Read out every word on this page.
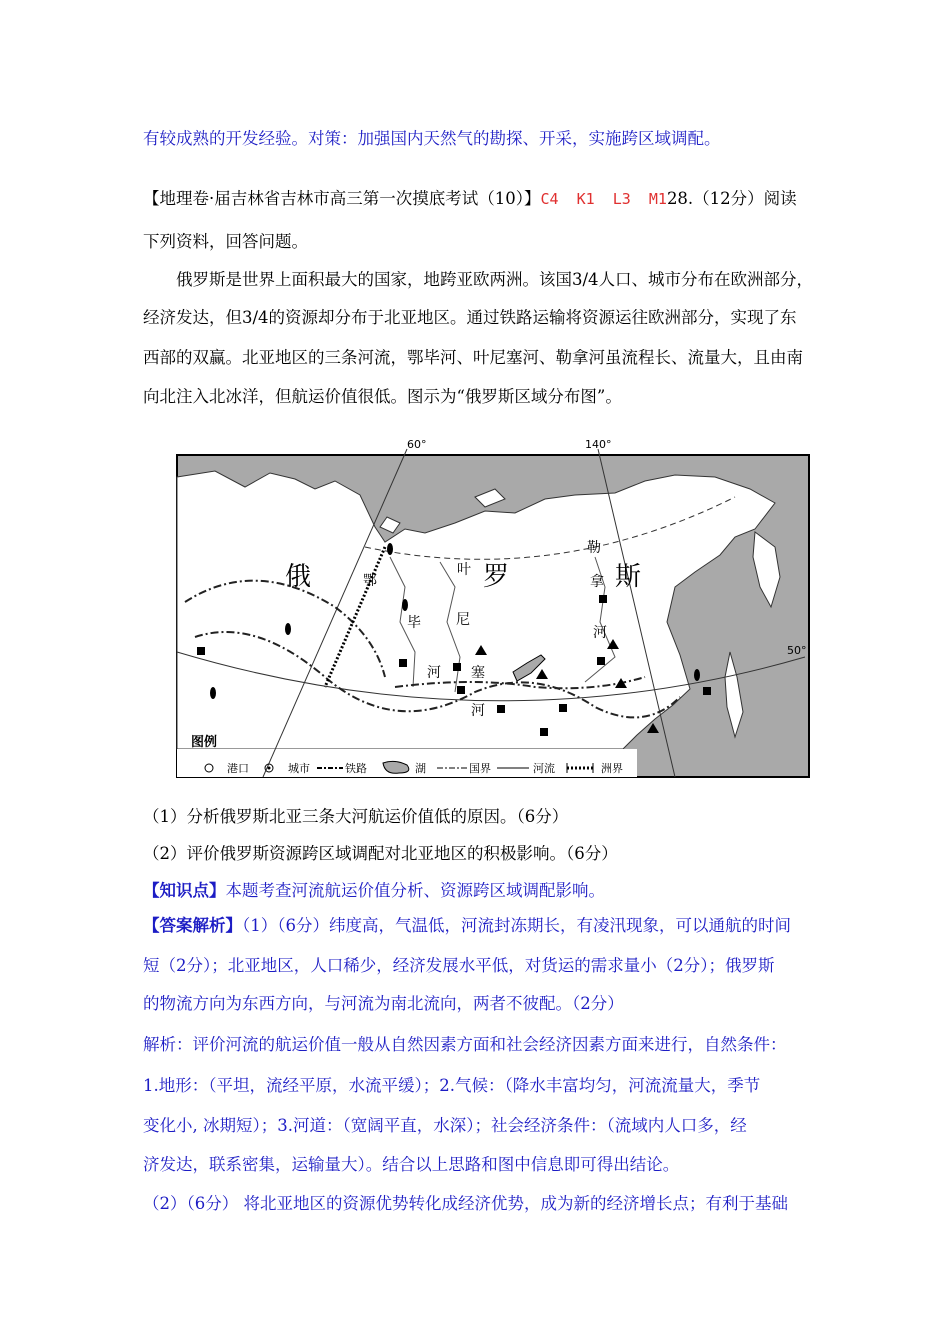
有较成熟的开发经验。对策：加强国内天然气的勘探、开采，实施跨区域调配。
【地理卷·届吉林省吉林市高三第一次摸底考试（10）】C4  K1  L3  M128.（12分）阅读
下列资料，回答问题。
俄罗斯是世界上面积最大的国家，地跨亚欧两洲。该国3/4人口、城市分布在欧洲部分，
经济发达，但3/4的资源却分布于北亚地区。通过铁路运输将资源运往欧洲部分，实现了东
西部的双赢。北亚地区的三条河流，鄂毕河、叶尼塞河、勒拿河虽流程长、流量大，且由南
向北注入北冰洋，但航运价值很低。图示为“俄罗斯区域分布图”。
60°	140°
50°
俄	罗	斯
鄂
毕
河
叶
尼
塞
河
勒
拿
河
图例
港口	城市	铁路	湖	国界	河流	洲界
（1）分析俄罗斯北亚三条大河航运价值低的原因。（6分）
（2）评价俄罗斯资源跨区域调配对北亚地区的积极影响。（6分）
【知识点】本题考查河流航运价值分析、资源跨区域调配影响。
【答案解析】（1）（6分）纬度高，气温低，河流封冻期长，有凌汛现象，可以通航的时间
短（2分）；北亚地区，人口稀少，经济发展水平低，对货运的需求量小（2分）；俄罗斯
的物流方向为东西方向，与河流为南北流向，两者不彼配。（2分）
解析：评价河流的航运价值一般从自然因素方面和社会经济因素方面来进行，自然条件：
1.地形：（平坦，流经平原，水流平缓）；2.气候：（降水丰富均匀，河流流量大，季节
变化小, 冰期短）；3.河道：（宽阔平直，水深）；社会经济条件：（流域内人口多，经
济发达，联系密集，运输量大）。结合以上思路和图中信息即可得出结论。
（2）（6分） 将北亚地区的资源优势转化成经济优势，成为新的经济增长点；有利于基础
